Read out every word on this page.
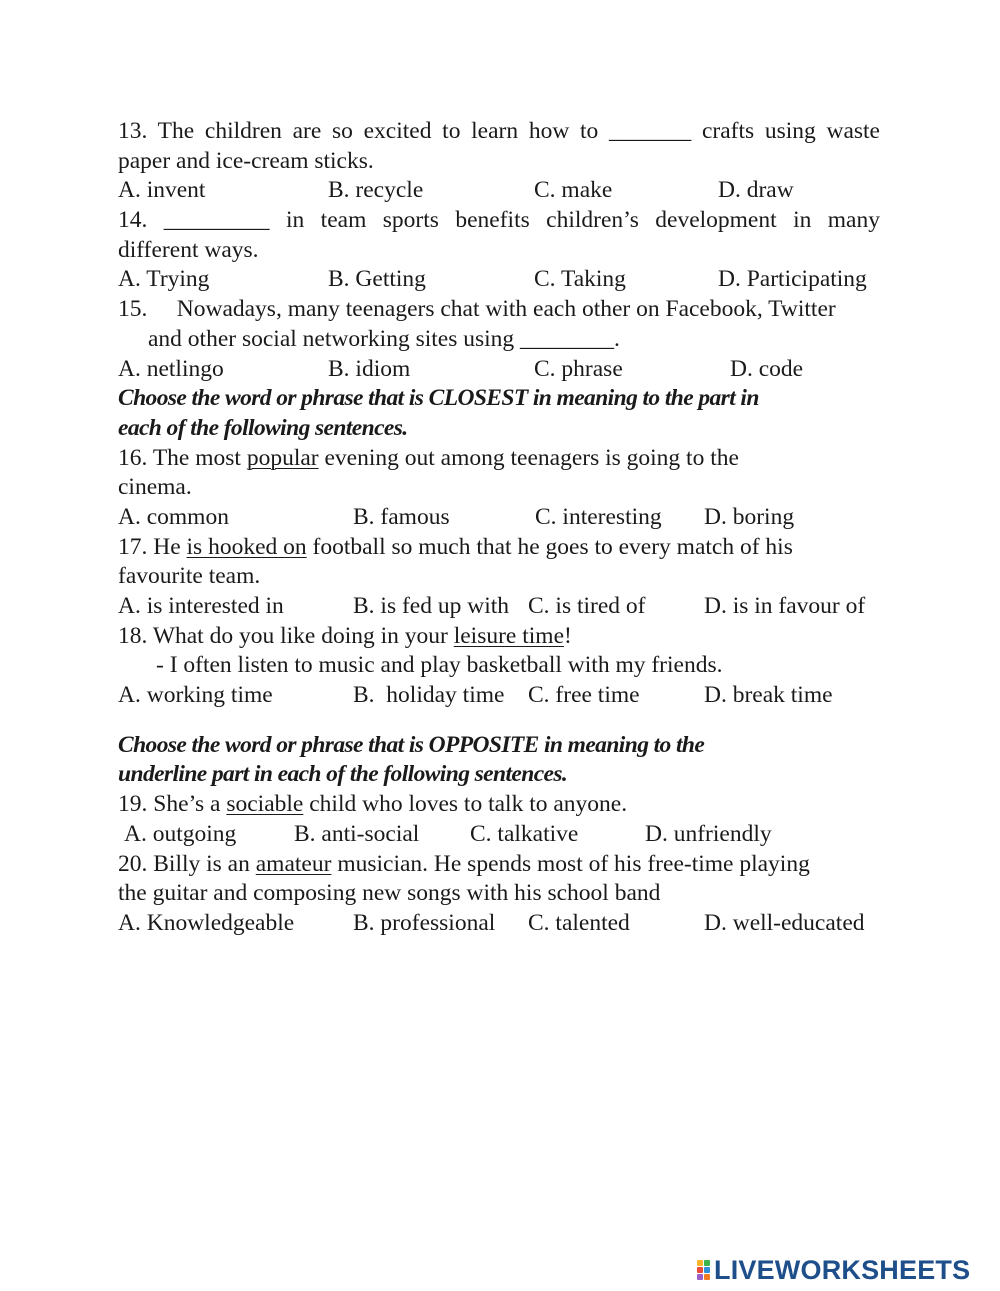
13. The children are so excited to learn how to _______ crafts using waste
paper and ice-cream sticks.
A. invent	B. recycle	C. make	D. draw
14. _________ in team sports benefits children’s development in many
different ways.
A. Trying	B. Getting	C. Taking	D. Participating
15.     Nowadays, many teenagers chat with each other on Facebook, Twitter
and other social networking sites using ________.
A. netlingo	B. idiom	C. phrase	D. code
Choose the word or phrase that is CLOSEST in meaning to the part in
each of the following sentences.
16. The most popular evening out among teenagers is going to the
cinema.
A. common	B. famous	C. interesting D. boring
17. He is hooked on football so much that he goes to every match of his
favourite team.
A. is interested in	B. is fed up with C. is tired of D. is in favour of
18. What do you like doing in your leisure time!
- I often listen to music and play basketball with my friends.
A. working time	B.  holiday time C. free time	D. break time
Choose the word or phrase that is OPPOSITE in meaning to the
underline part in each of the following sentences.
19. She’s a sociable child who loves to talk to anyone.
A. outgoing B. anti-social C. talkative	D. unfriendly
20. Billy is an amateur musician. He spends most of his free-time playing
the guitar and composing new songs with his school band
A. Knowledgeable	B. professional C. talented	D. well-educated
LIVEWORKSHEETS
